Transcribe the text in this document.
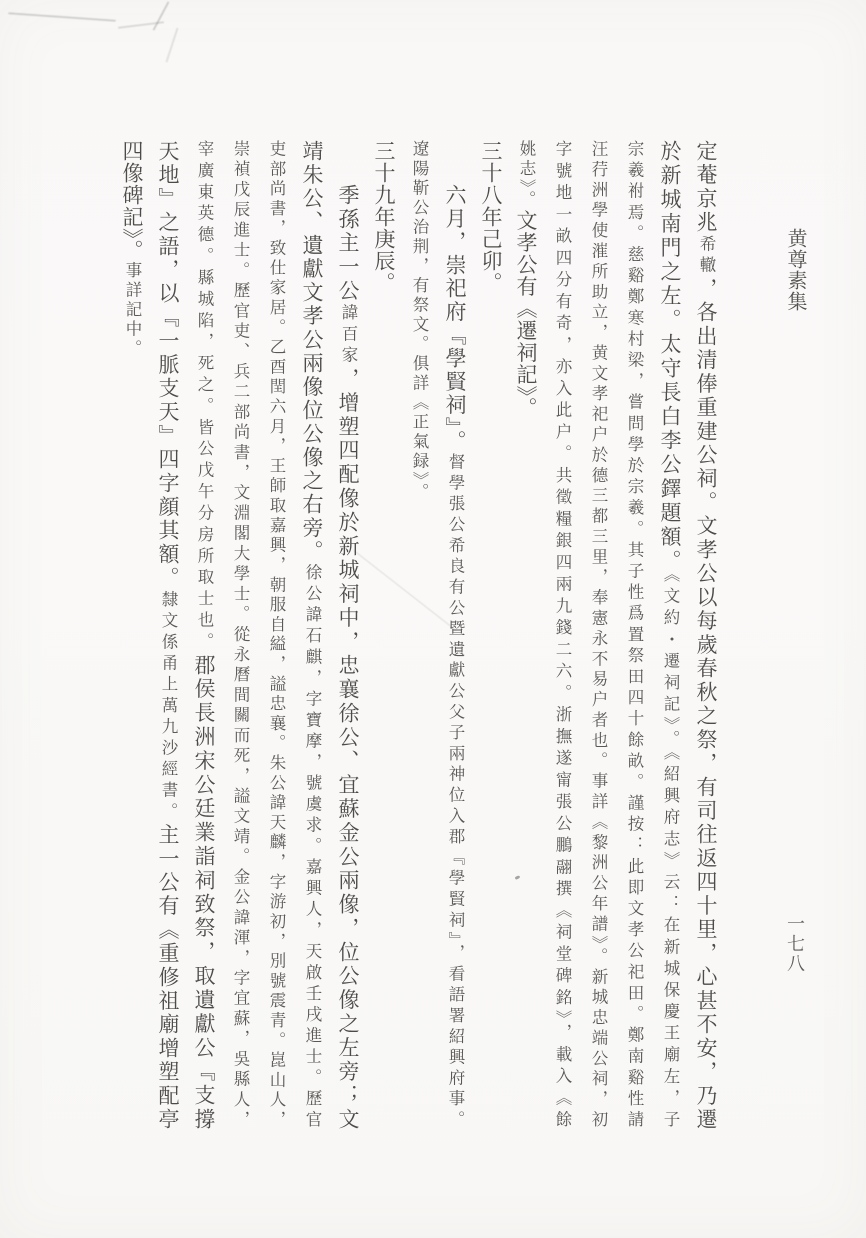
黄尊素集
一七八
定菴京兆希轍，各出清俸重建公祠。文孝公以每歲春秋之祭，有司往返四十里，心甚不安，乃遷
於新城南門之左。太守長白李公鐸題額。《文約・遷祠記》。《紹興府志》云：在新城保慶王廟左，子
宗羲祔焉。慈谿鄭寒村梁，嘗問學於宗羲。其子性爲置祭田四十餘畝。謹按：此即文孝公祀田。鄭南谿性請
汪荇洲學使漼所助立，黄文孝祀户於德三都三里，奉憲永不易户者也。事詳《黎洲公年譜》。新城忠端公祠，初
字號地一畝四分有奇，亦入此户。共徵糧銀四兩九錢二六。浙撫遂甯張公鵬翮撰《祠堂碑銘》，載入《餘
姚志》。文孝公有《遷祠記》。
三十八年己卯。
六月，崇祀府『學賢祠』。督學張公希良有公暨遺獻公父子兩神位入郡『學賢祠』，看語署紹興府事。
遼陽靳公治荆，有祭文。俱詳《正氣録》。
三十九年庚辰。
季孫主一公諱百家，增塑四配像於新城祠中，忠襄徐公、宜蘇金公兩像，位公像之左旁；文
靖朱公、遺獻文孝公兩像位公像之右旁。徐公諱石麒，字寶摩，號虞求。嘉興人，天啟壬戌進士。歷官
吏部尚書，致仕家居。乙酉閏六月，王師取嘉興，朝服自縊，謚忠襄。朱公諱天麟，字游初，別號震青。崑山人，
崇禎戊辰進士。歷官吏、兵二部尚書，文淵閣大學士。從永曆間關而死，謚文靖。金公諱渾，字宜蘇，吳縣人，
宰廣東英德。縣城陷，死之。皆公戊午分房所取士也。郡侯長洲宋公廷業詣祠致祭，取遺獻公『支撐
天地』之語，以『一脈支天』四字顔其額。隸文係甬上萬九沙經書。主一公有《重修祖廟增塑配亭
四像碑記》。事詳記中。
